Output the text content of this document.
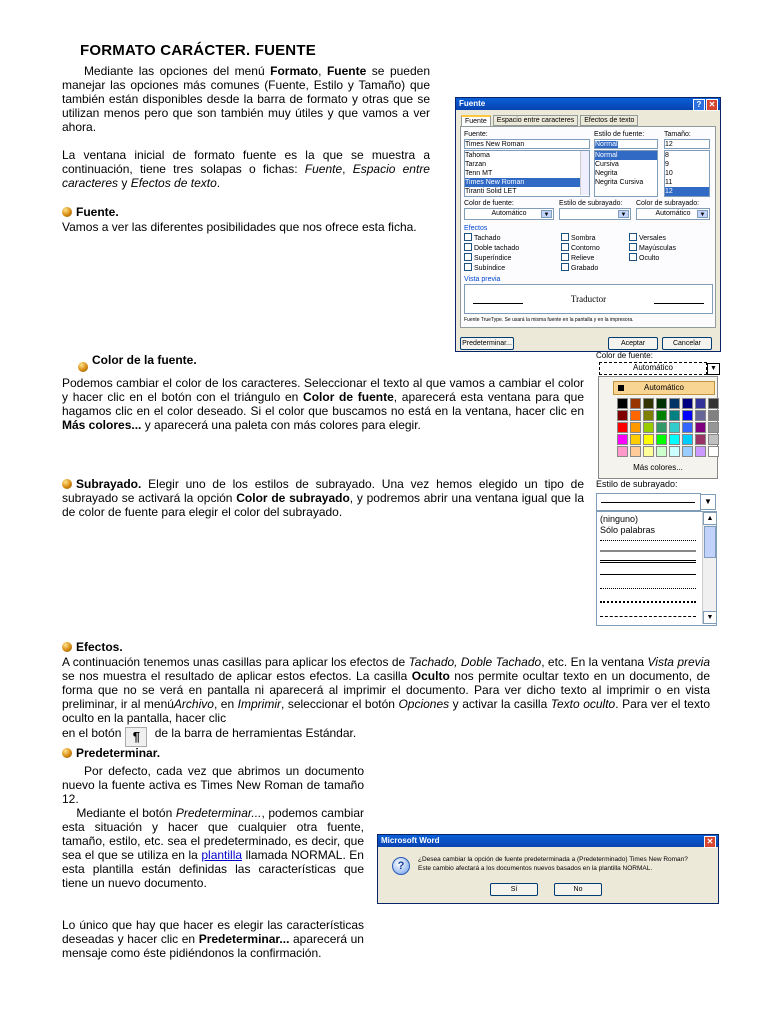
FORMATO CARÁCTER. FUENTE
Mediante las opciones del menú Formato, Fuente se pueden manejar las opciones más comunes (Fuente, Estilo y Tamaño) que también están disponibles desde la barra de formato y otras que se utilizan menos pero que son también muy útiles y que vamos a ver ahora.
La ventana inicial de formato fuente es la que se muestra a continuación, tiene tres solapas o fichas: Fuente, Espacio entre caracteres y Efectos de texto.
Fuente.
Vamos a ver las diferentes posibilidades que nos ofrece esta ficha.
Fuente	? ✕
Fuente	Espacio entre caracteres	Efectos de texto
Fuente:	Estilo de fuente:	Tamaño:
Times New Roman	Normal	12
Tahoma
Tarzan
Tenn MT
Times New Roman
Tiranti Solid LET
Normal
Cursiva
Negrita
Negrita Cursiva
8
9
10
11
12
Color de fuente:	Estilo de subrayado: Color de subrayado:
Automático	▼	▼	Automático	▼
Efectos
Tachado
Doble tachado
Superíndice
Subíndice
Sombra
Contorno
Relieve
Grabado
Versales
Mayúsculas
Oculto
Vista previa
Traductor
Fuente TrueType. Se usará la misma fuente en la pantalla y en la impresora.
Predeterminar...	Aceptar	Cancelar
Color de la fuente.
Podemos cambiar el color de los caracteres. Seleccionar el texto al que vamos a cambiar el color y hacer clic en el botón con el triángulo en Color de fuente, aparecerá esta ventana para que hagamos clic en el color deseado. Si el color que buscamos no está en la ventana, hacer clic en Más colores... y aparecerá una paleta con más colores para elegir.
Color de fuente:
Automático	▼
Automático
Más colores...
Subrayado. Elegir uno de los estilos de subrayado. Una vez hemos elegido un tipo de subrayado se activará la opción Color de subrayado, y podremos abrir una ventana igual que la de color de fuente para elegir el color del subrayado.
Estilo de subrayado:
▼
(ninguno)
Sólo palabras
▲
▼
Efectos.
A continuación tenemos unas casillas para aplicar los efectos de Tachado, Doble Tachado, etc. En la ventana Vista previa se nos muestra el resultado de aplicar estos efectos. La casilla Oculto nos permite ocultar texto en un documento, de forma que no se verá en pantalla ni aparecerá al imprimir el documento. Para ver dicho texto al imprimir o en vista preliminar, ir al menúArchivo, en Imprimir, seleccionar el botón Opciones y activar la casilla Texto oculto. Para ver el texto oculto en la pantalla, hacer clic
en el botón ¶ de la barra de herramientas Estándar.
Predeterminar.
Por defecto, cada vez que abrimos un documento nuevo la fuente activa es Times New Roman de tamaño 12.
Mediante el botón Predeterminar..., podemos cambiar esta situación y hacer que cualquier otra fuente, tamaño, estilo, etc. sea el predeterminado, es decir, que sea el que se utiliza en la plantilla llamada NORMAL. En esta plantilla están definidas las características que tiene un nuevo documento.
Lo único que hay que hacer es elegir las características deseadas y hacer clic en Predeterminar... aparecerá un mensaje como éste pidiéndonos la confirmación.
Microsoft Word	✕
?
¿Desea cambiar la opción de fuente predeterminada a (Predeterminado) Times New Roman?
Este cambio afectará a los documentos nuevos basados en la plantilla NORMAL.
Sí	No
